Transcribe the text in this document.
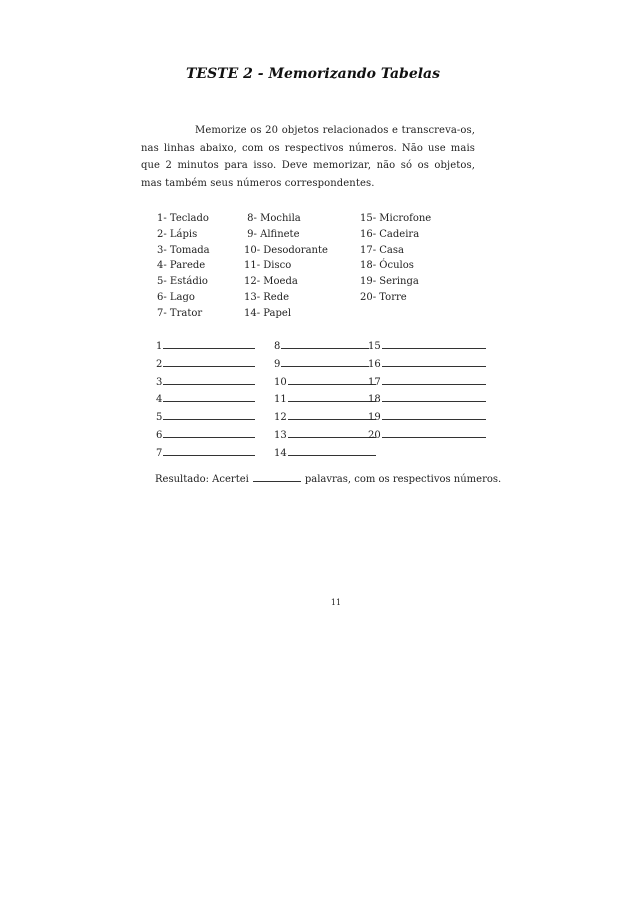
TESTE 2 - Memorizando Tabelas

Memorize os 20 objetos relacionados e transcreva-os, nas linhas abaixo, com os respectivos números. Não use mais que 2 minutos para isso. Deve memorizar, não só os objetos, mas também seus números correspondentes.

1- Teclado
2- Lápis
3- Tomada
4- Parede
5- Estádio
6- Lago
7- Trator
8- Mochila
9- Alfinete
10- Desodorante
11- Disco
12- Moeda
13- Rede
14- Papel
15- Microfone
16- Cadeira
17- Casa
18- Óculos
19- Seringa
20- Torre
1
2
3
4
5
6
7
8
9
10
11
12
13
14
15
16
17
18
19
20
Resultado: Acertei	palavras, com os respectivos números.
11
